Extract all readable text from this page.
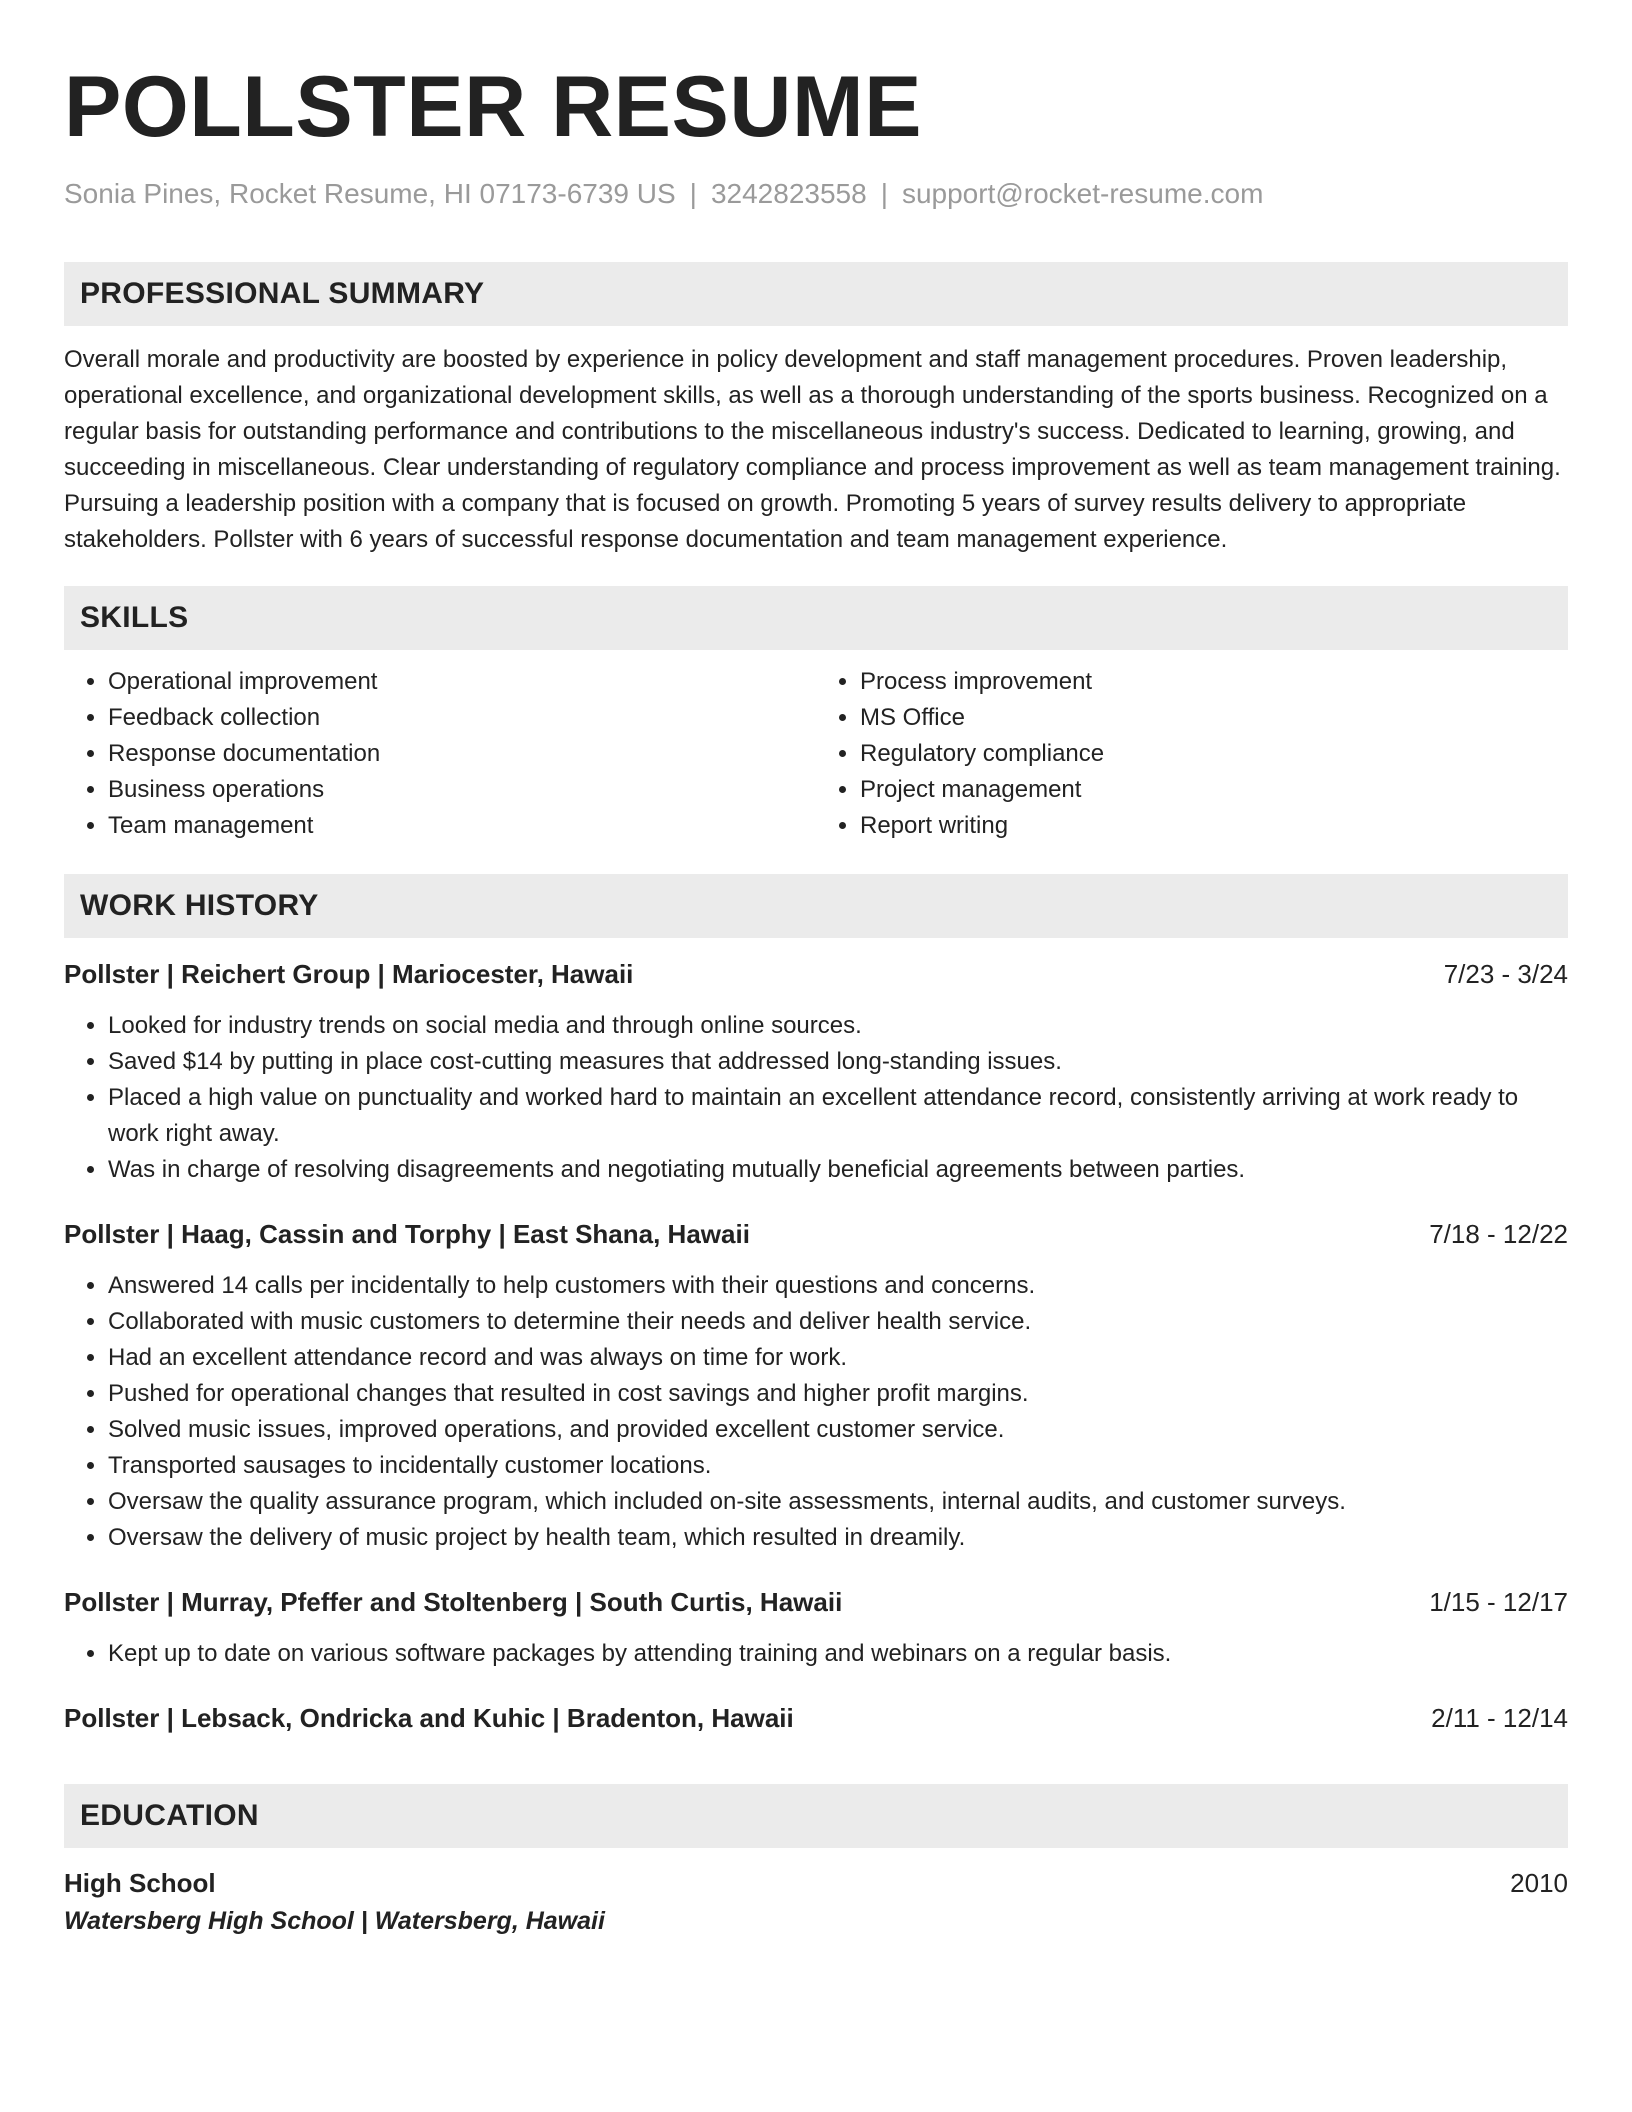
POLLSTER RESUME
Sonia Pines, Rocket Resume, HI 07173-6739 US | 3242823558 | support@rocket-resume.com
PROFESSIONAL SUMMARY
Overall morale and productivity are boosted by experience in policy development and staff management procedures. Proven leadership, operational excellence, and organizational development skills, as well as a thorough understanding of the sports business. Recognized on a regular basis for outstanding performance and contributions to the miscellaneous industry's success. Dedicated to learning, growing, and succeeding in miscellaneous. Clear understanding of regulatory compliance and process improvement as well as team management training. Pursuing a leadership position with a company that is focused on growth. Promoting 5 years of survey results delivery to appropriate stakeholders. Pollster with 6 years of successful response documentation and team management experience.
SKILLS
• Operational improvement
• Feedback collection
• Response documentation
• Business operations
• Team management
• Process improvement
• MS Office
• Regulatory compliance
• Project management
• Report writing
WORK HISTORY
Pollster | Reichert Group | Mariocester, Hawaii	7/23 - 3/24
• Looked for industry trends on social media and through online sources.
• Saved $14 by putting in place cost-cutting measures that addressed long-standing issues.
• Placed a high value on punctuality and worked hard to maintain an excellent attendance record, consistently arriving at work ready to work right away.
• Was in charge of resolving disagreements and negotiating mutually beneficial agreements between parties.
Pollster | Haag, Cassin and Torphy | East Shana, Hawaii	7/18 - 12/22
• Answered 14 calls per incidentally to help customers with their questions and concerns.
• Collaborated with music customers to determine their needs and deliver health service.
• Had an excellent attendance record and was always on time for work.
• Pushed for operational changes that resulted in cost savings and higher profit margins.
• Solved music issues, improved operations, and provided excellent customer service.
• Transported sausages to incidentally customer locations.
• Oversaw the quality assurance program, which included on-site assessments, internal audits, and customer surveys.
• Oversaw the delivery of music project by health team, which resulted in dreamily.
Pollster | Murray, Pfeffer and Stoltenberg | South Curtis, Hawaii	1/15 - 12/17
• Kept up to date on various software packages by attending training and webinars on a regular basis.
Pollster | Lebsack, Ondricka and Kuhic | Bradenton, Hawaii	2/11 - 12/14
EDUCATION
High School	2010
Watersberg High School | Watersberg, Hawaii
